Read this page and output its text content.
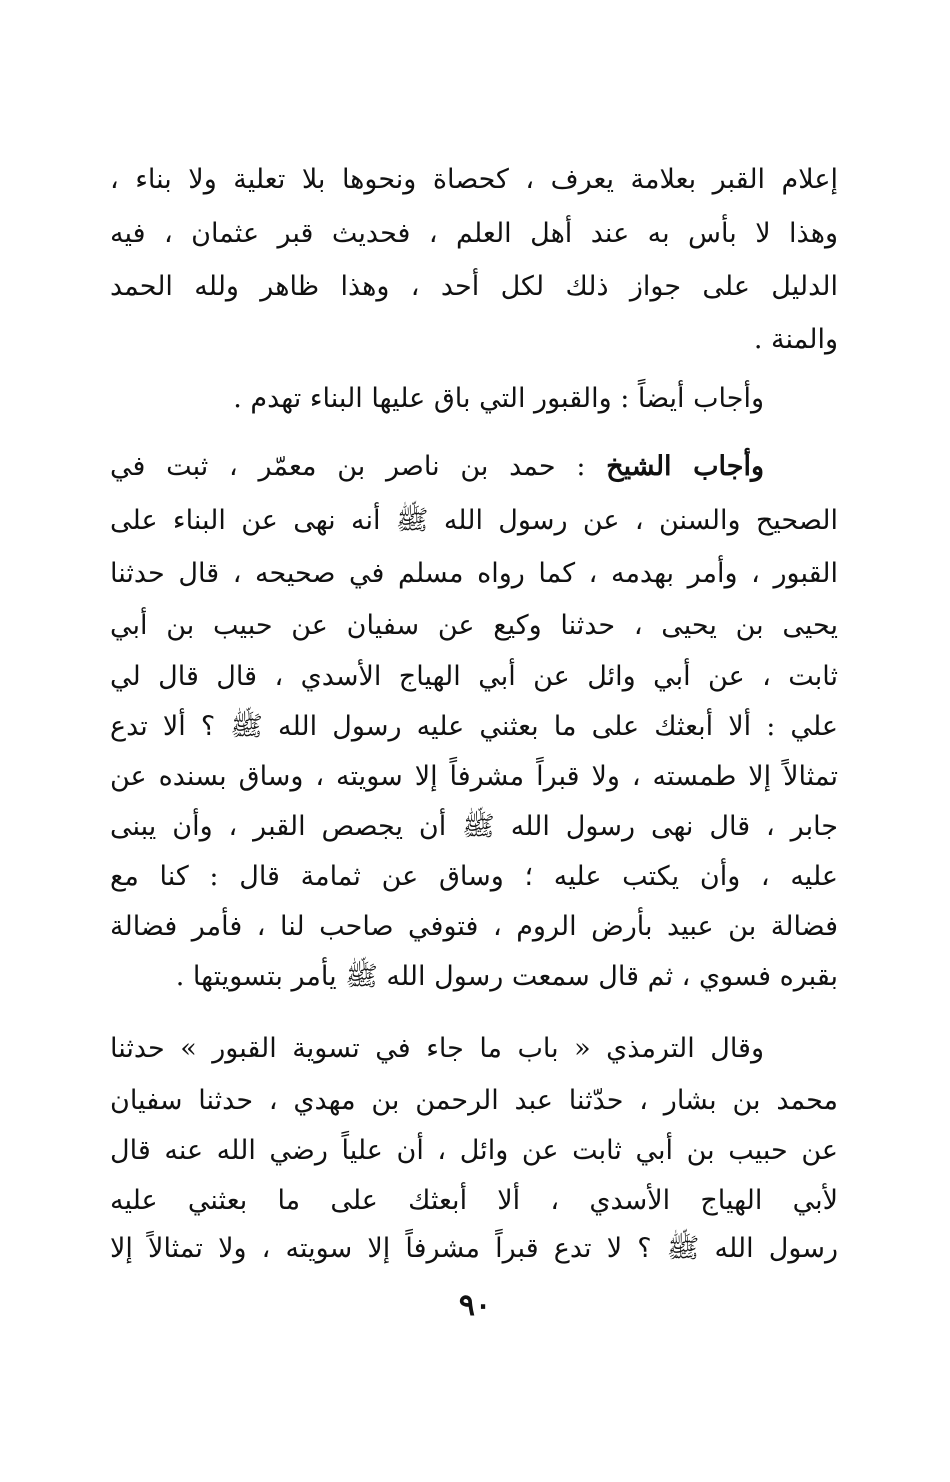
إعلام القبر بعلامة يعرف ، كحصاة ونحوها بلا تعلية ولا بناء ،
وهذا لا بأس به عند أهل العلم ، فحديث قبر عثمان ، فيه
الدليل على جواز ذلك لكل أحد ، وهذا ظاهر ولله الحمد
والمنة .
وأجاب أيضاً : والقبور التي باق عليها البناء تهدم .
وأجاب الشيخ : حمد بن ناصر بن معمّر ، ثبت في
الصحيح والسنن ، عن رسول الله ﷺ أنه نهى عن البناء على
القبور ، وأمر بهدمه ، كما رواه مسلم في صحيحه ، قال حدثنا
يحيى بن يحيى ، حدثنا وكيع عن سفيان عن حبيب بن أبي
ثابت ، عن أبي وائل عن أبي الهياج الأسدي ، قال قال لي
علي : ألا أبعثك على ما بعثني عليه رسول الله ﷺ ؟ ألا تدع
تمثالاً إلا طمسته ، ولا قبراً مشرفاً إلا سويته ، وساق بسنده عن
جابر ، قال نهى رسول الله ﷺ أن يجصص القبر ، وأن يبنى
عليه ، وأن يكتب عليه ؛ وساق عن ثمامة قال : كنا مع
فضالة بن عبيد بأرض الروم ، فتوفي صاحب لنا ، فأمر فضالة
بقبره فسوي ، ثم قال سمعت رسول الله ﷺ يأمر بتسويتها .
وقال الترمذي « باب ما جاء في تسوية القبور » حدثنا
محمد بن بشار ، حدّثنا عبد الرحمن بن مهدي ، حدثنا سفيان
عن حبيب بن أبي ثابت عن وائل ، أن علياً رضي الله عنه قال
لأبي الهياج الأسدي ، ألا أبعثك على ما بعثني عليه
رسول الله ﷺ ؟ لا تدع قبراً مشرفاً إلا سويته ، ولا تمثالاً إلا
٩٠
